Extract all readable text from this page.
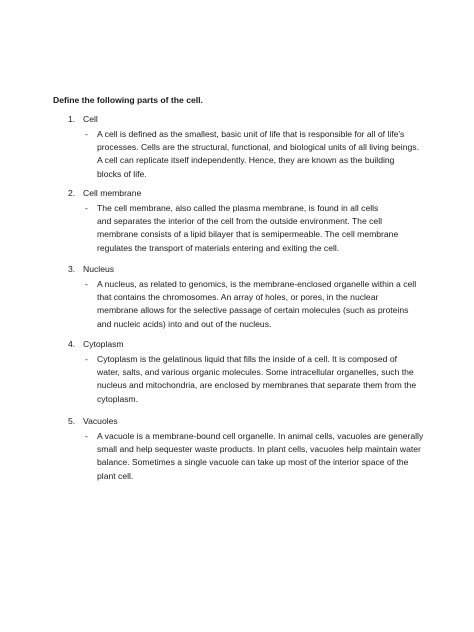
Define the following parts of the cell.
1. Cell
- A cell is defined as the smallest, basic unit of life that is responsible for all of life's
processes. Cells are the structural, functional, and biological units of all living beings.
A cell can replicate itself independently. Hence, they are known as the building
blocks of life.
2. Cell membrane
- The cell membrane, also called the plasma membrane, is found in all cells
and separates the interior of the cell from the outside environment. The cell
membrane consists of a lipid bilayer that is semipermeable. The cell membrane
regulates the transport of materials entering and exiting the cell.
3. Nucleus
- A nucleus, as related to genomics, is the membrane-enclosed organelle within a cell
that contains the chromosomes. An array of holes, or pores, in the nuclear
membrane allows for the selective passage of certain molecules (such as proteins
and nucleic acids) into and out of the nucleus.
4. Cytoplasm
- Cytoplasm is the gelatinous liquid that fills the inside of a cell. It is composed of
water, salts, and various organic molecules. Some intracellular organelles, such the
nucleus and mitochondria, are enclosed by membranes that separate them from the
cytoplasm.
5. Vacuoles
- A vacuole is a membrane-bound cell organelle. In animal cells, vacuoles are generally
small and help sequester waste products. In plant cells, vacuoles help maintain water
balance. Sometimes a single vacuole can take up most of the interior space of the
plant cell.
